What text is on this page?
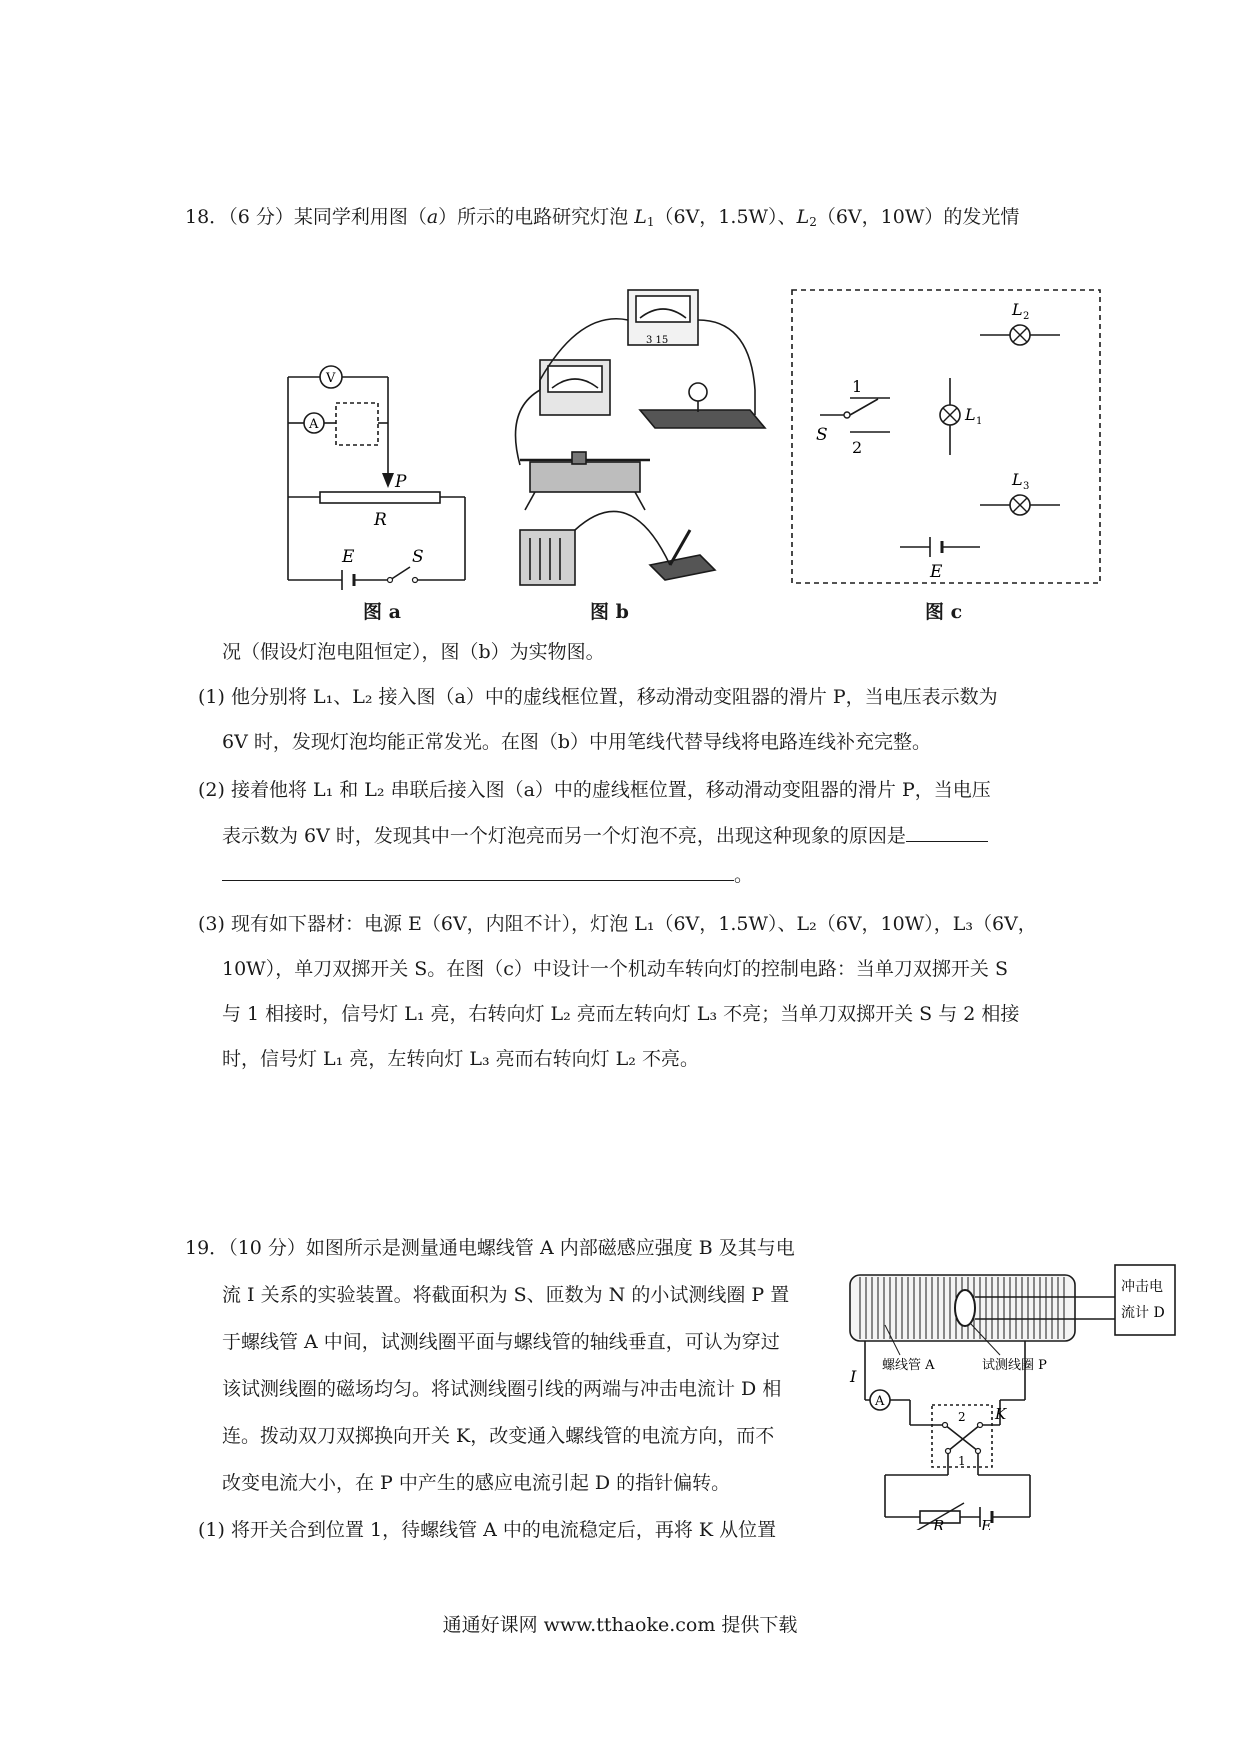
18．（6 分）某同学利用图（a）所示的电路研究灯泡 $L_1(6V$，1.5W）、$L_2(6V$，10W）的发光情
V
A
P
R
E	S
图 a
3 15
图 b
L 2
L 1
L 3
S
1
2
E
图 c
况（假设灯泡电阻恒定），图（b）为实物图。
(1) 他分别将 L₁、L₂ 接入图（a）中的虚线框位置，移动滑动变阻器的滑片 P，当电压表示数为
6V 时，发现灯泡均能正常发光。在图（b）中用笔线代替导线将电路连线补充完整。
(2) 接着他将 L₁ 和 L₂ 串联后接入图（a）中的虚线框位置，移动滑动变阻器的滑片 P，当电压
表示数为 6V 时，发现其中一个灯泡亮而另一个灯泡不亮，出现这种现象的原因是
。
(3) 现有如下器材：电源 E（6V，内阻不计），灯泡 L₁（6V，1.5W）、L₂（6V，10W），L₃（6V，
10W），单刀双掷开关 S。在图（c）中设计一个机动车转向灯的控制电路：当单刀双掷开关 S
与 1 相接时，信号灯 L₁ 亮，右转向灯 L₂ 亮而左转向灯 L₃ 不亮；当单刀双掷开关 S 与 2 相接
时，信号灯 L₁ 亮，左转向灯 L₃ 亮而右转向灯 L₂ 不亮。
19．（10 分）如图所示是测量通电螺线管 A 内部磁感应强度 B 及其与电
流 I 关系的实验装置。将截面积为 S、匝数为 N 的小试测线圈 P 置
于螺线管 A 中间，试测线圈平面与螺线管的轴线垂直，可认为穿过
该试测线圈的磁场均匀。将试测线圈引线的两端与冲击电流计 D 相
连。拨动双刀双掷换向开关 K，改变通入螺线管的电流方向，而不
改变电流大小，在 P 中产生的感应电流引起 D 的指针偏转。
(1) 将开关合到位置 1，待螺线管 A 中的电流稳定后，再将 K 从位置
冲击电
流计 D
螺线管 A	试测线圈 P
A
I
2
1
K
R E
通通好课网 www.tthaoke.com 提供下载
